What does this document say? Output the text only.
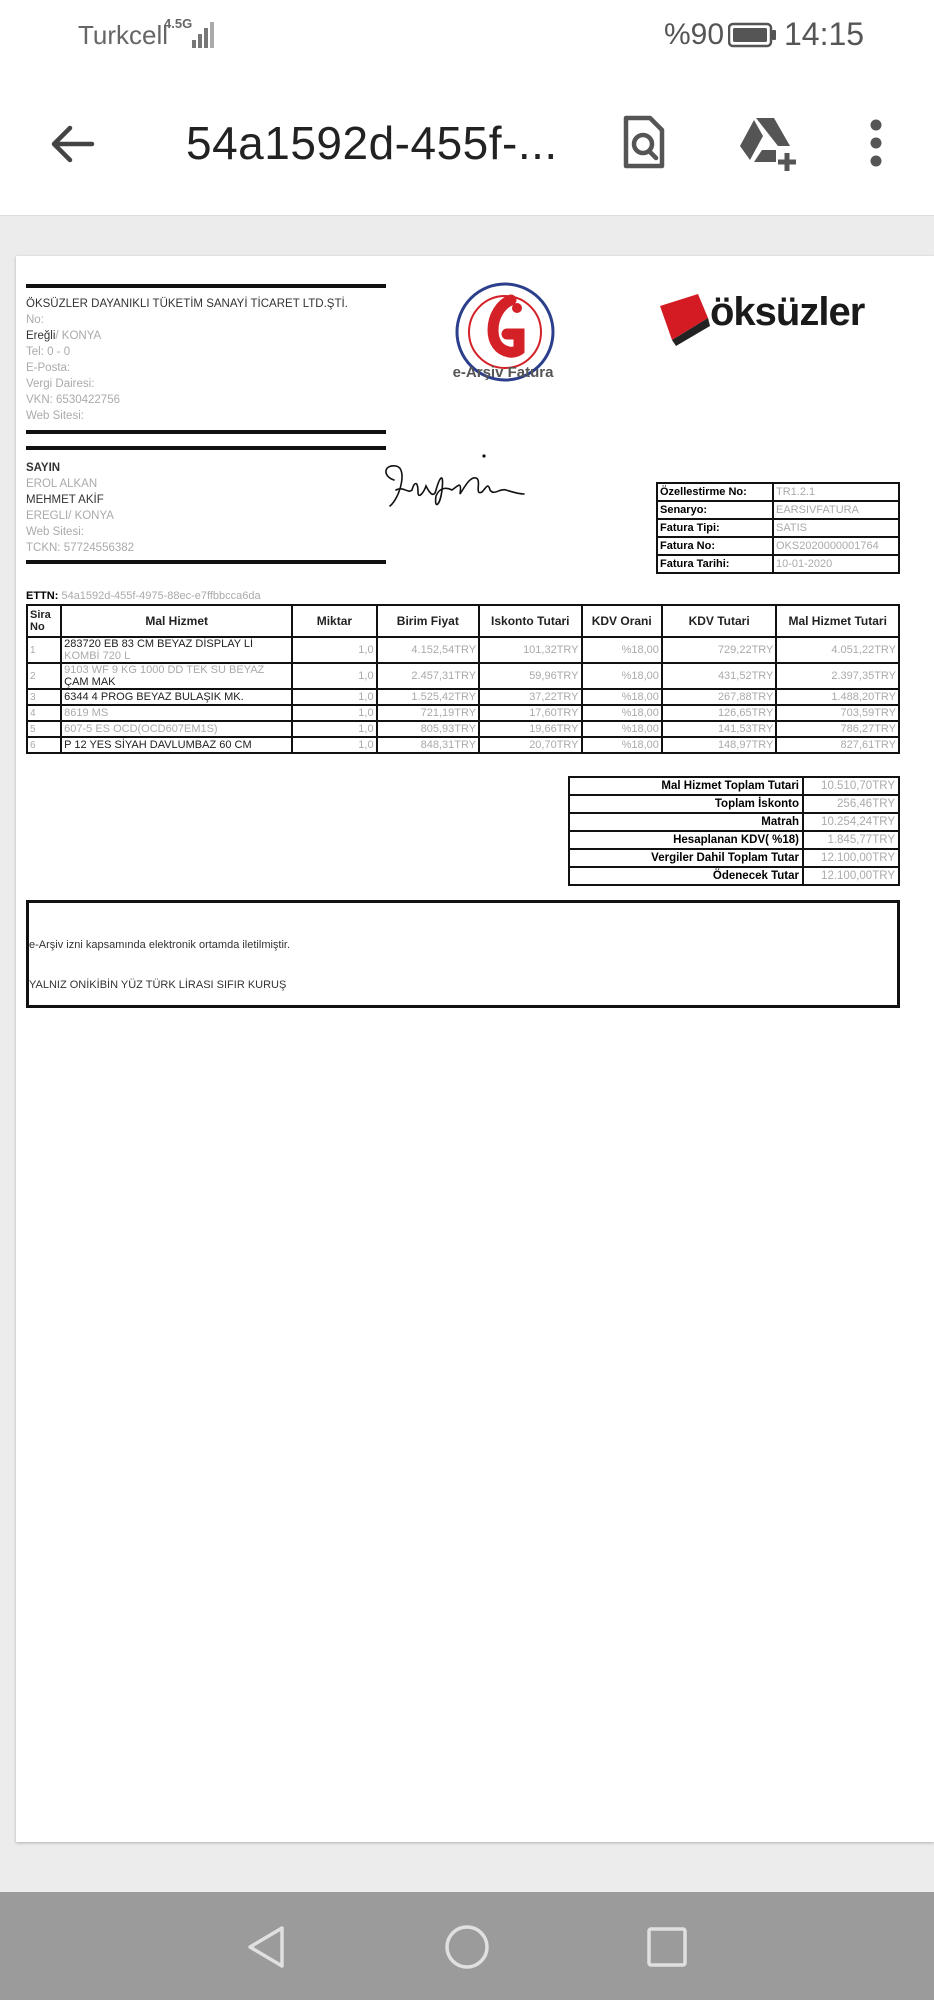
Turkcell
4.5G	%90 14:15
54a1592d-455f-...
ÖKSÜZLER DAYANIKLI TÜKETİM SANAYİ TİCARET LTD.ŞTİ.
No:
Ereğli/ KONYA
Tel: 0 - 0
E-Posta:
Vergi Dairesi:
VKN: 6530422756
Web Sitesi:
e-Arşiv Fatura
öksüzler
SAYIN
EROL ALKAN
MEHMET AKİF
EREGLI/ KONYA
Web Sitesi:
TCKN: 57724556382
Özellestirme No:	TR1.2.1
Senaryo:	EARSIVFATURA
Fatura Tipi:	SATIS
Fatura No:	OKS2020000001764
Fatura Tarihi:	10-01-2020
ETTN: 54a1592d-455f-4975-88ec-e7ffbbcca6da
Sira No	Mal Hizmet	Miktar	Birim Fiyat	Iskonto Tutari	KDV Orani	KDV Tutari	Mal Hizmet Tutari
1	283720 EB 83 CM BEYAZ DİSPLAY Lİ
KOMBİ 720 L	1,0	4.152,54TRY	101,32TRY	%18,00	729,22TRY	4.051,22TRY
2	9103 WF 9 KG 1000 DD TEK SU BEYAZ
ÇAM MAK	1,0	2.457,31TRY	59,96TRY	%18,00	431,52TRY	2.397,35TRY
3	6344 4 PROG BEYAZ BULAŞIK MK.	1,0	1.525,42TRY	37,22TRY	%18,00	267,88TRY	1.488,20TRY
4	8619 MS	1,0	721,19TRY	17,60TRY	%18,00	126,65TRY	703,59TRY
5	607-5 ES OCD(OCD607EM1S)	1,0	805,93TRY	19,66TRY	%18,00	141,53TRY	786,27TRY
6	P 12 YES SİYAH DAVLUMBAZ 60 CM	1,0	848,31TRY	20,70TRY	%18,00	148,97TRY	827,61TRY
Mal Hizmet Toplam Tutari	10.510,70TRY
Toplam İskonto	256,46TRY
Matrah	10.254,24TRY
Hesaplanan KDV( %18)	1.845,77TRY
Vergiler Dahil Toplam Tutar	12.100,00TRY
Ödenecek Tutar	12.100,00TRY
e-Arşiv izni kapsamında elektronik ortamda iletilmiştir.
YALNIZ ONİKİBİN YÜZ TÜRK LİRASI SIFIR KURUŞ
